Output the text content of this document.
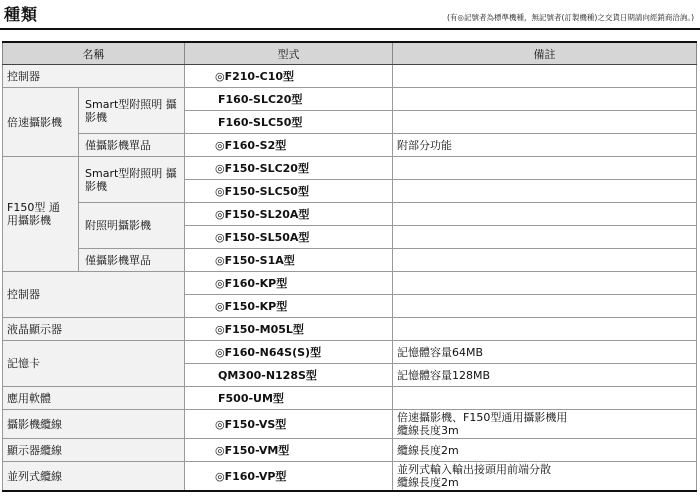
種類	(有◎記號者為標準機種，無記號者(訂製機種)之交貨日期請向經銷商洽詢。)
名稱		型式	備註
控制器		◎F210-C10型	
倍速攝影機	Smart型附照明 攝影機	F160-SLC20型	
		F160-SLC50型	
	僅攝影機單品	◎F160-S2型	附部分功能

F150型 通用攝影機	Smart型附照明 攝影機	◎F150-SLC20型	
		◎F150-SLC50型	
	附照明攝影機	◎F150-SL20A型	
		◎F150-SL50A型	
	僅攝影機單品	◎F150-S1A型	
控制器		◎F160-KP型	
		◎F150-KP型	
液晶顯示器		◎F150-M05L型	
記憶卡		◎F160-N64S(S)型	記憶體容量64MB
		QM300-N128S型	記憶體容量128MB
應用軟體		F500-UM型	
攝影機纜線		◎F150-VS型	倍速攝影機、F150型通用攝影機用
纜線長度3m

顯示器纜線		◎F150-VM型	纜線長度2m
並列式纜線		◎F160-VP型	並列式輸入輸出接頭用前端分散
纜線長度2m
